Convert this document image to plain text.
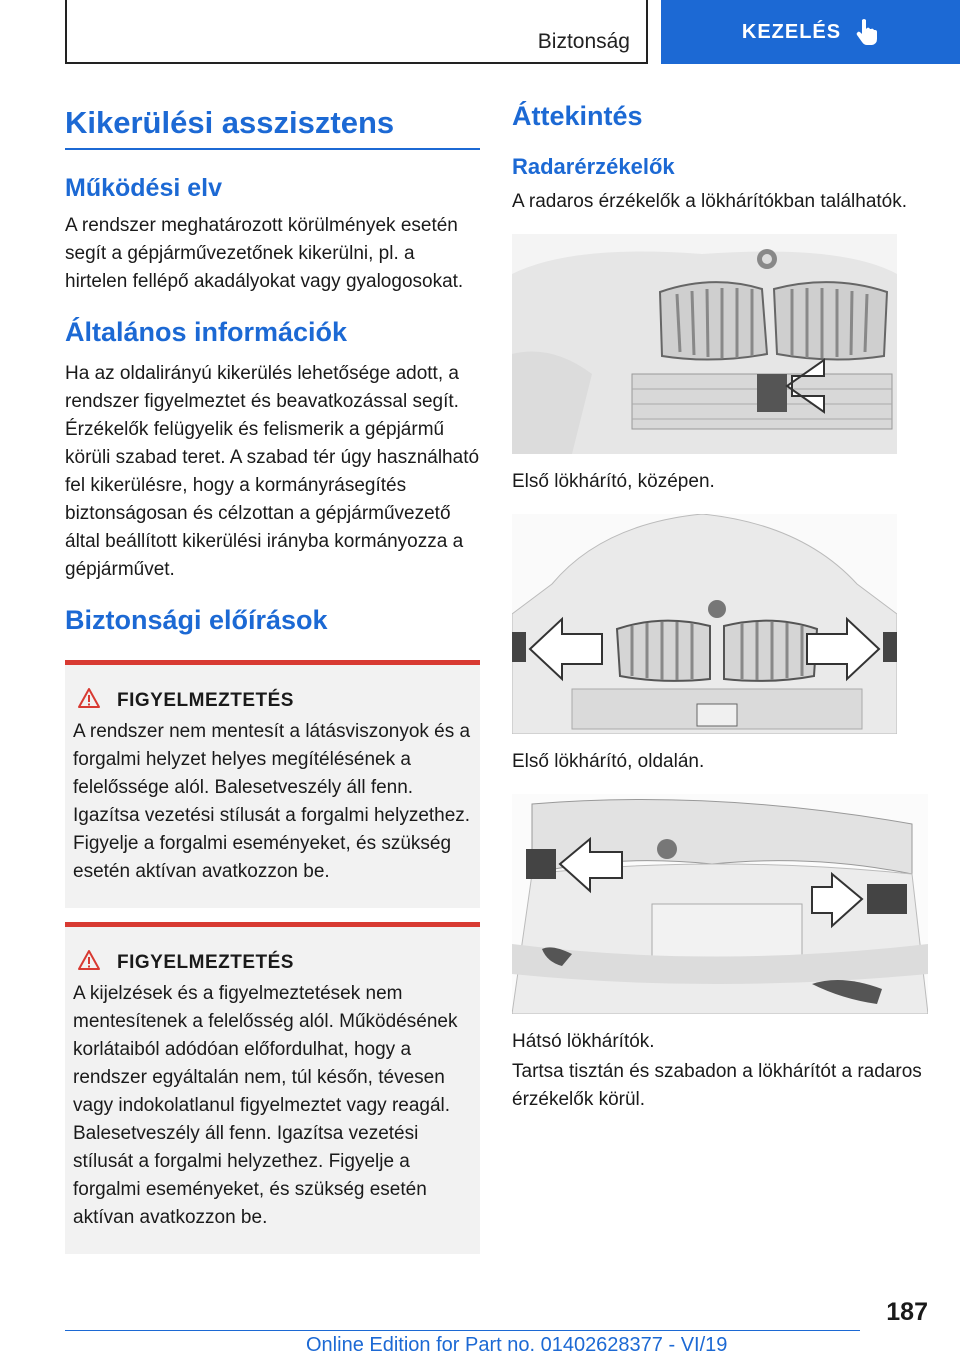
Biztonság	KEZELÉS
Kikerülési asszisztens
Működési elv

A rendszer meghatározott körülmények esetén segít a gépjárművezetőnek kikerülni, pl. a hirtelen fellépő akadályokat vagy gyalogosokat.

Általános információk

Ha az oldalirányú kikerülés lehetősége adott, a rendszer figyelmeztet és beavatkozással segít. Érzékelők felügyelik és felismerik a gépjármű körüli szabad teret. A szabad tér úgy használható fel kikerülésre, hogy a kormányrásegítés biztonságosan és célzottan a gépjárművezető által beállított kikerülési irányba kormányozza a gépjárművet.

Biztonsági előírások
FIGYELMEZTETÉS

A rendszer nem mentesít a látásviszonyok és a forgalmi helyzet helyes megítélésének a felelőssége alól. Balesetveszély áll fenn. Igazítsa vezetési stílusát a forgalmi helyzethez. Figyelje a forgalmi eseményeket, és szükség esetén aktívan avatkozzon be.

FIGYELMEZTETÉS

A kijelzések és a figyelmeztetések nem mentesítenek a felelősség alól. Működésének korlátaiból adódóan előfordulhat, hogy a rendszer egyáltalán nem, túl későn, tévesen vagy indokolatlanul figyelmeztet vagy reagál. Balesetveszély áll fenn. Igazítsa vezetési stílusát a forgalmi helyzethez. Figyelje a forgalmi eseményeket, és szükség esetén aktívan avatkozzon be.

Áttekintés
Radarérzékelők

A radaros érzékelők a lökhárítókban találhatók.

Első lökhárító, középen.
Első lökhárító, oldalán.
Hátsó lökhárítók.

Tartsa tisztán és szabadon a lökhárítót a radaros érzékelők körül.

187
Online Edition for Part no. 01402628377 - VI/19
